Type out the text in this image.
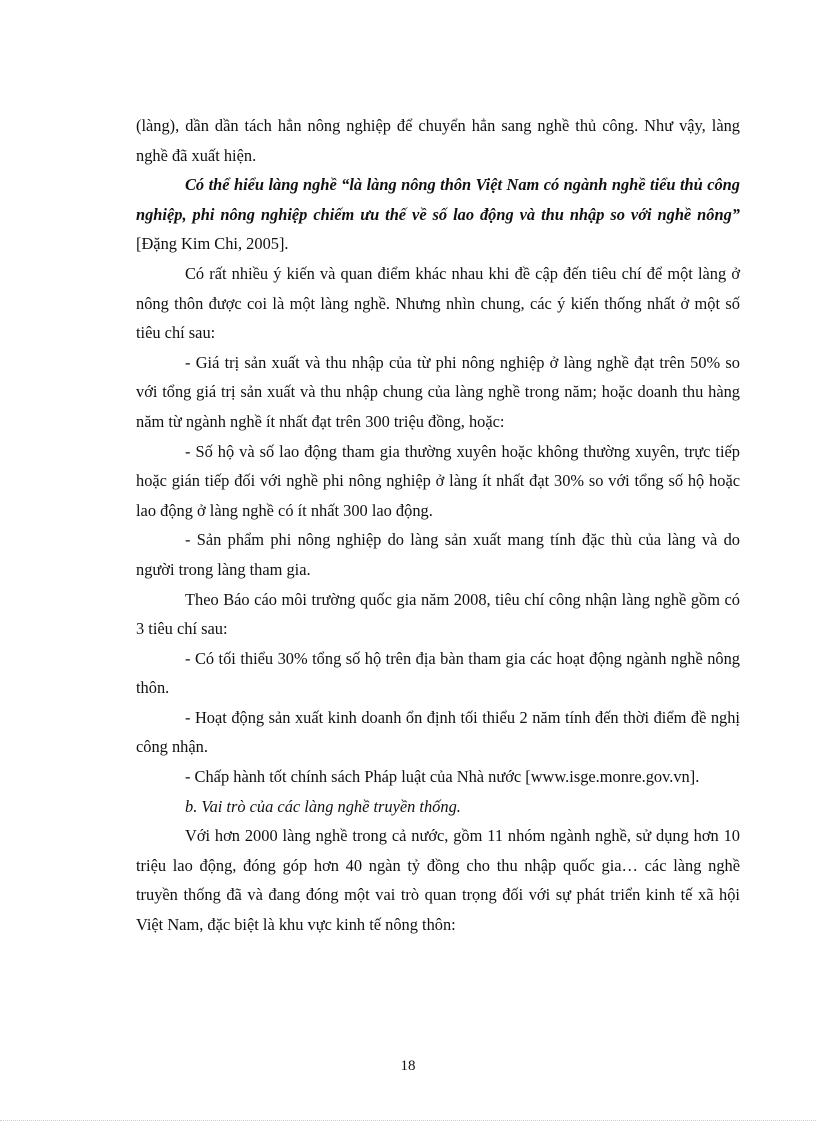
(làng), dần dần tách hẳn nông nghiệp để chuyển hẳn sang nghề thủ công. Như vậy, làng nghề đã xuất hiện.

Có thể hiểu làng nghề “là làng nông thôn Việt Nam có ngành nghề tiểu thủ công nghiệp, phi nông nghiệp chiếm ưu thế về số lao động và thu nhập so với nghề nông” [Đặng Kim Chi, 2005].

Có rất nhiều ý kiến và quan điểm khác nhau khi đề cập đến tiêu chí để một làng ở nông thôn được coi là một làng nghề. Nhưng nhìn chung, các ý kiến thống nhất ở một số tiêu chí sau:

- Giá trị sản xuất và thu nhập của từ phi nông nghiệp ở làng nghề đạt trên 50% so với tổng giá trị sản xuất và thu nhập chung của làng nghề trong năm; hoặc doanh thu hàng năm từ ngành nghề ít nhất đạt trên 300 triệu đồng, hoặc:

- Số hộ và số lao động tham gia thường xuyên hoặc không thường xuyên, trực tiếp hoặc gián tiếp đối với nghề phi nông nghiệp ở làng ít nhất đạt 30% so với tổng số hộ hoặc lao động ở làng nghề có ít nhất 300 lao động.

- Sản phẩm phi nông nghiệp do làng sản xuất mang tính đặc thù của làng và do người trong làng tham gia.

Theo Báo cáo môi trường quốc gia năm 2008, tiêu chí công nhận làng nghề gồm có 3 tiêu chí sau:

- Có tối thiểu 30% tổng số hộ trên địa bàn tham gia các hoạt động ngành nghề nông thôn.

- Hoạt động sản xuất kinh doanh ổn định tối thiểu 2 năm tính đến thời điểm đề nghị công nhận.

- Chấp hành tốt chính sách Pháp luật của Nhà nước [www.isge.monre.gov.vn].

b. Vai trò của các làng nghề truyền thống.

Với hơn 2000 làng nghề trong cả nước, gồm 11 nhóm ngành nghề, sử dụng hơn 10 triệu lao động, đóng góp hơn 40 ngàn tỷ đồng cho thu nhập quốc gia… các làng nghề truyền thống đã và đang đóng một vai trò quan trọng đối với sự phát triển kinh tế xã hội Việt Nam, đặc biệt là khu vực kinh tế nông thôn:

18
